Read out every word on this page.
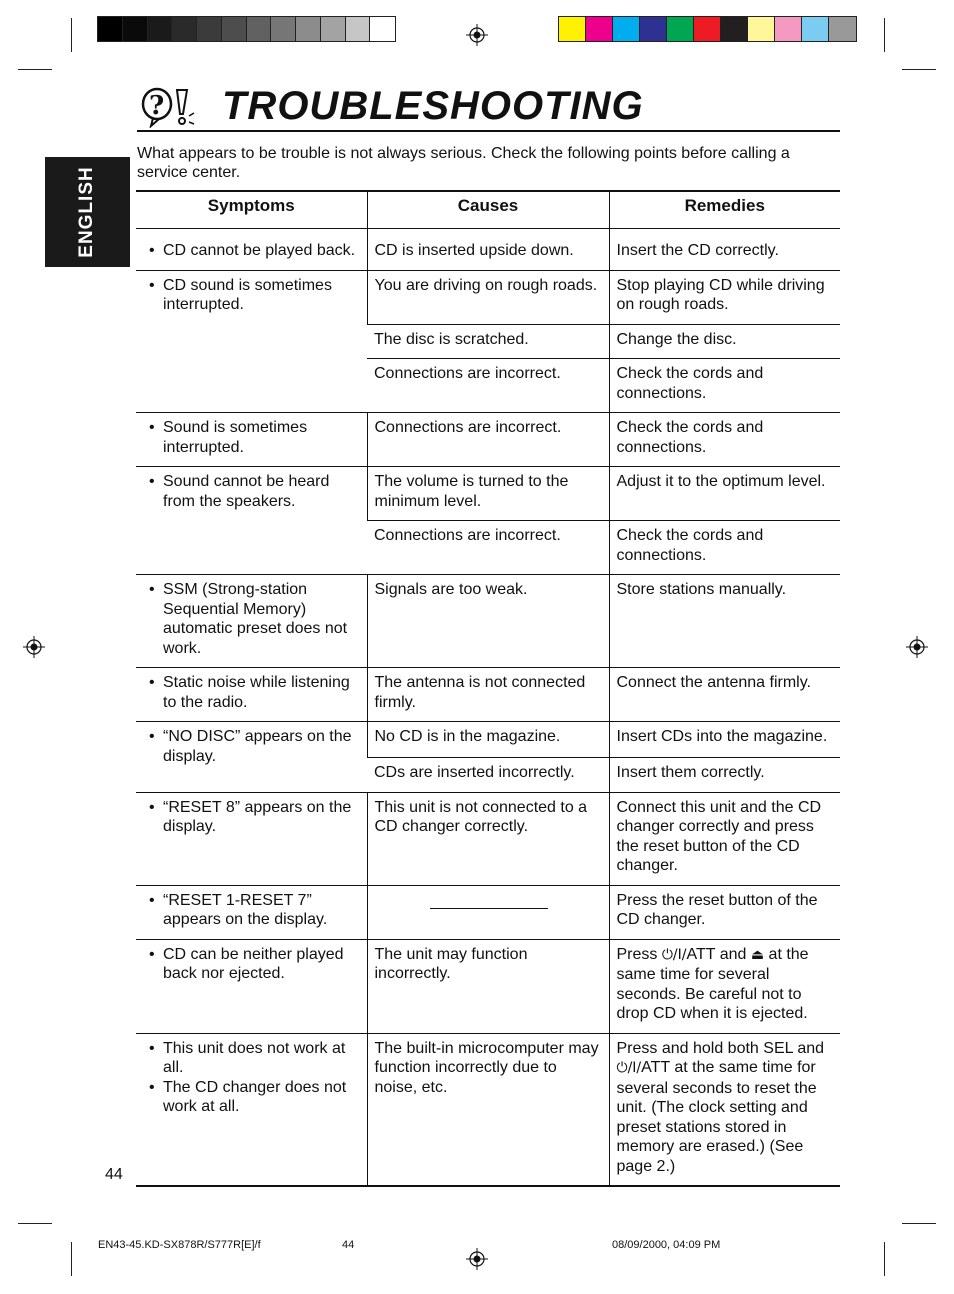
? TROUBLESHOOTING
What appears to be trouble is not always serious. Check the following points before calling a service center.
ENGLISH	Symptoms	Causes	Remedies

• CD cannot be played back.	CD is inserted upside down.	Insert the CD correctly.

• CD sound is sometimes interrupted.	You are driving on rough roads.	Stop playing CD while driving on rough roads.
	The disc is scratched.	Change the disc.
	Connections are incorrect.	Check the cords and connections.

• Sound is sometimes interrupted.	Connections are incorrect.	Check the cords and connections.

• Sound cannot be heard from the speakers.	The volume is turned to the minimum level.	Adjust it to the optimum level.
	Connections are incorrect.	Check the cords and connections.

• SSM (Strong-station Sequential Memory) automatic preset does not work.	Signals are too weak.	Store stations manually.

• Static noise while listening to the radio.	The antenna is not connected firmly.	Connect the antenna firmly.

• “NO DISC” appears on the display.	No CD is in the magazine.	Insert CDs into the magazine.
	CDs are inserted incorrectly.	Insert them correctly.

• “RESET 8” appears on the display.	This unit is not connected to a CD changer correctly.	Connect this unit and the CD changer correctly and press the reset button of the CD changer.

• “RESET 1-RESET 7” appears on the display.		Press the reset button of the CD changer.

• CD can be neither played back nor ejected.	The unit may function incorrectly.	Press ⏻/I/ATT and ⏏ at the same time for several seconds. Be careful not to drop CD when it is ejected.

• This unit does not work at all.
• The CD changer does not work at all.	The built-in microcomputer may function incorrectly due to noise, etc.	Press and hold both SEL and ⏻/I/ATT at the same time for several seconds to reset the unit. (The clock setting and preset stations stored in memory are erased.) (See page 2.)
44
EN43-45.KD-SX878R/S777R[E]/f	44	08/09/2000, 04:09 PM
